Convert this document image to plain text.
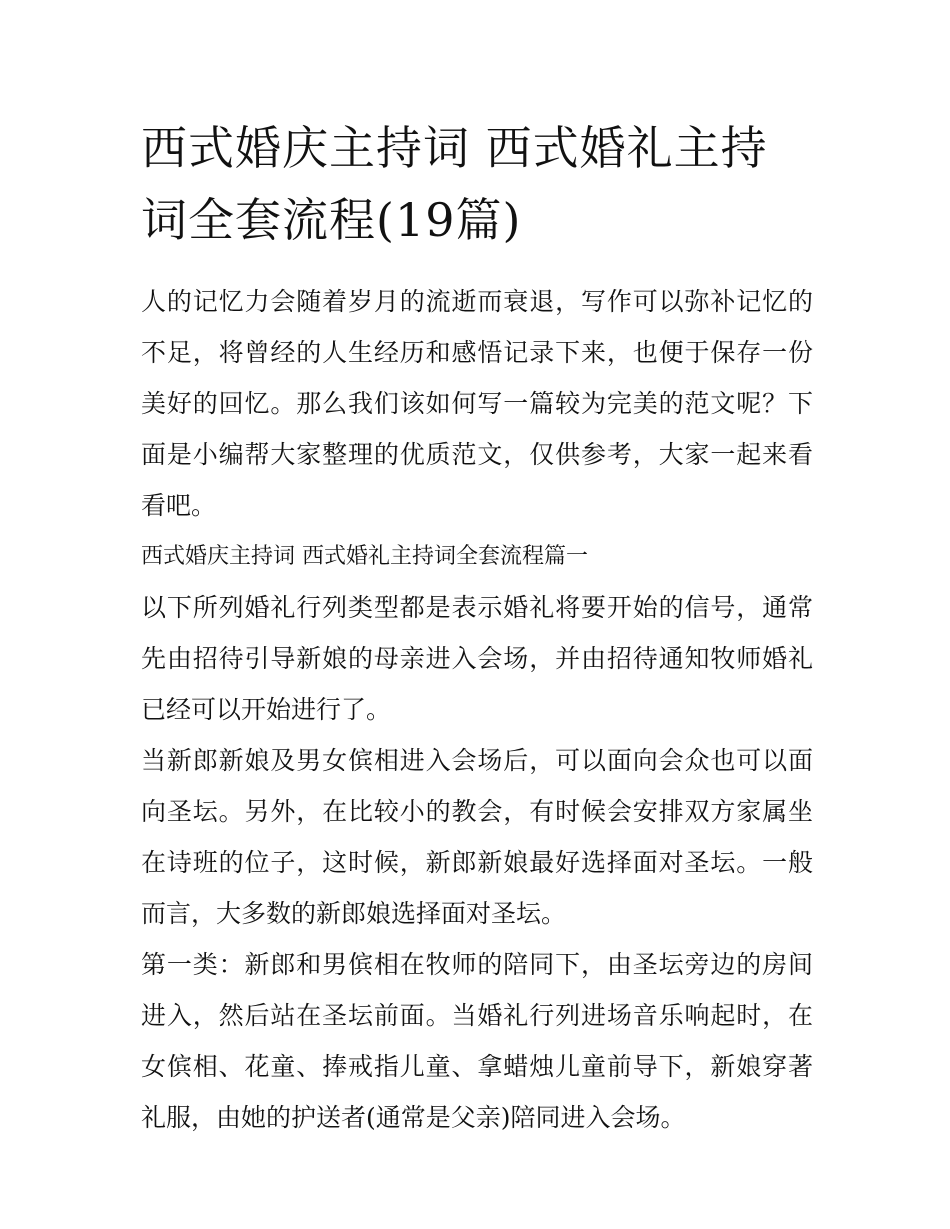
西式婚庆主持词 西式婚礼主持词全套流程(19篇)

人的记忆力会随着岁月的流逝而衰退，写作可以弥补记忆的不足，将曾经的人生经历和感悟记录下来，也便于保存一份美好的回忆。那么我们该如何写一篇较为完美的范文呢？下面是小编帮大家整理的优质范文，仅供参考，大家一起来看看吧。

西式婚庆主持词 西式婚礼主持词全套流程篇一

以下所列婚礼行列类型都是表示婚礼将要开始的信号，通常先由招待引导新娘的母亲进入会场，并由招待通知牧师婚礼已经可以开始进行了。

当新郎新娘及男女傧相进入会场后，可以面向会众也可以面向圣坛。另外，在比较小的教会，有时候会安排双方家属坐在诗班的位子，这时候，新郎新娘最好选择面对圣坛。一般而言，大多数的新郎娘选择面对圣坛。

第一类：新郎和男傧相在牧师的陪同下，由圣坛旁边的房间进入，然后站在圣坛前面。当婚礼行列进场音乐响起时，在女傧相、花童、捧戒指儿童、拿蜡烛儿童前导下，新娘穿著礼服，由她的护送者(通常是父亲)陪同进入会场。
